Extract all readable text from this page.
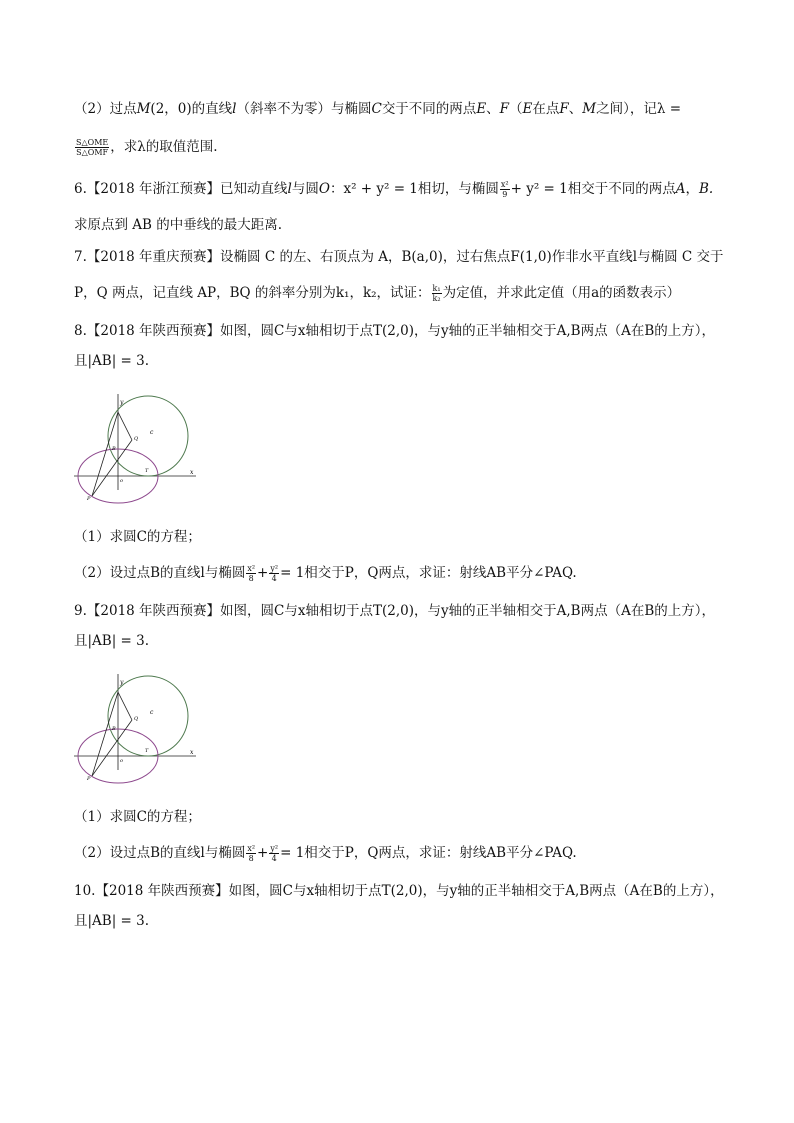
（2）过点M(2，0)的直线l（斜率不为零）与椭圆C交于不同的两点E、F（E在点F、M之间），记λ =
$\frac{\text{S△OME}}{\text{S△OMF}}$ ，求λ的取值范围.
6.【2018 年浙江预赛】已知动直线l与圆O：x² + y² = 1相切，与椭圆 $\frac{\text{x²}}{9} + y^2 = 1$相交于不同的两点A，B.
求原点到 AB 的中垂线的最大距离.
7.【2018 年重庆预赛】设椭圆 C 的左、右顶点为 A，B(a,0)，过右焦点F(1,0)作非水平直线l与椭圆 C 交于
P，Q 两点，记直线 AP，BQ 的斜率分别为k₁，k₂，试证： $\frac{\text{k₁}}{\text{k₂}}$ 为定值，并求此定值（用a的函数表示）
8.【2018 年陕西预赛】如图，圆C与x轴相切于点T(2,0)，与y轴的正半轴相交于A,B两点（A在B的上方），
且|AB| = 3.
y
x
c
Q
B
o
T
P
（1）求圆C的方程；
（2）设过点B的直线l与椭圆 $\frac{\text{x²}}{8} + \frac{\text{y²}}{4} = 1$相交于P，Q两点，求证：射线AB平分∠PAQ.
9.【2018 年陕西预赛】如图，圆C与x轴相切于点T(2,0)，与y轴的正半轴相交于A,B两点（A在B的上方），
且|AB| = 3.
y
x
c
Q
B
o
T
P
（1）求圆C的方程；
（2）设过点B的直线l与椭圆 $\frac{\text{x²}}{8} + \frac{\text{y²}}{4} = 1$相交于P，Q两点，求证：射线AB平分∠PAQ.
10.【2018 年陕西预赛】如图，圆C与x轴相切于点T(2,0)，与y轴的正半轴相交于A,B两点（A在B的上方），
且|AB| = 3.
